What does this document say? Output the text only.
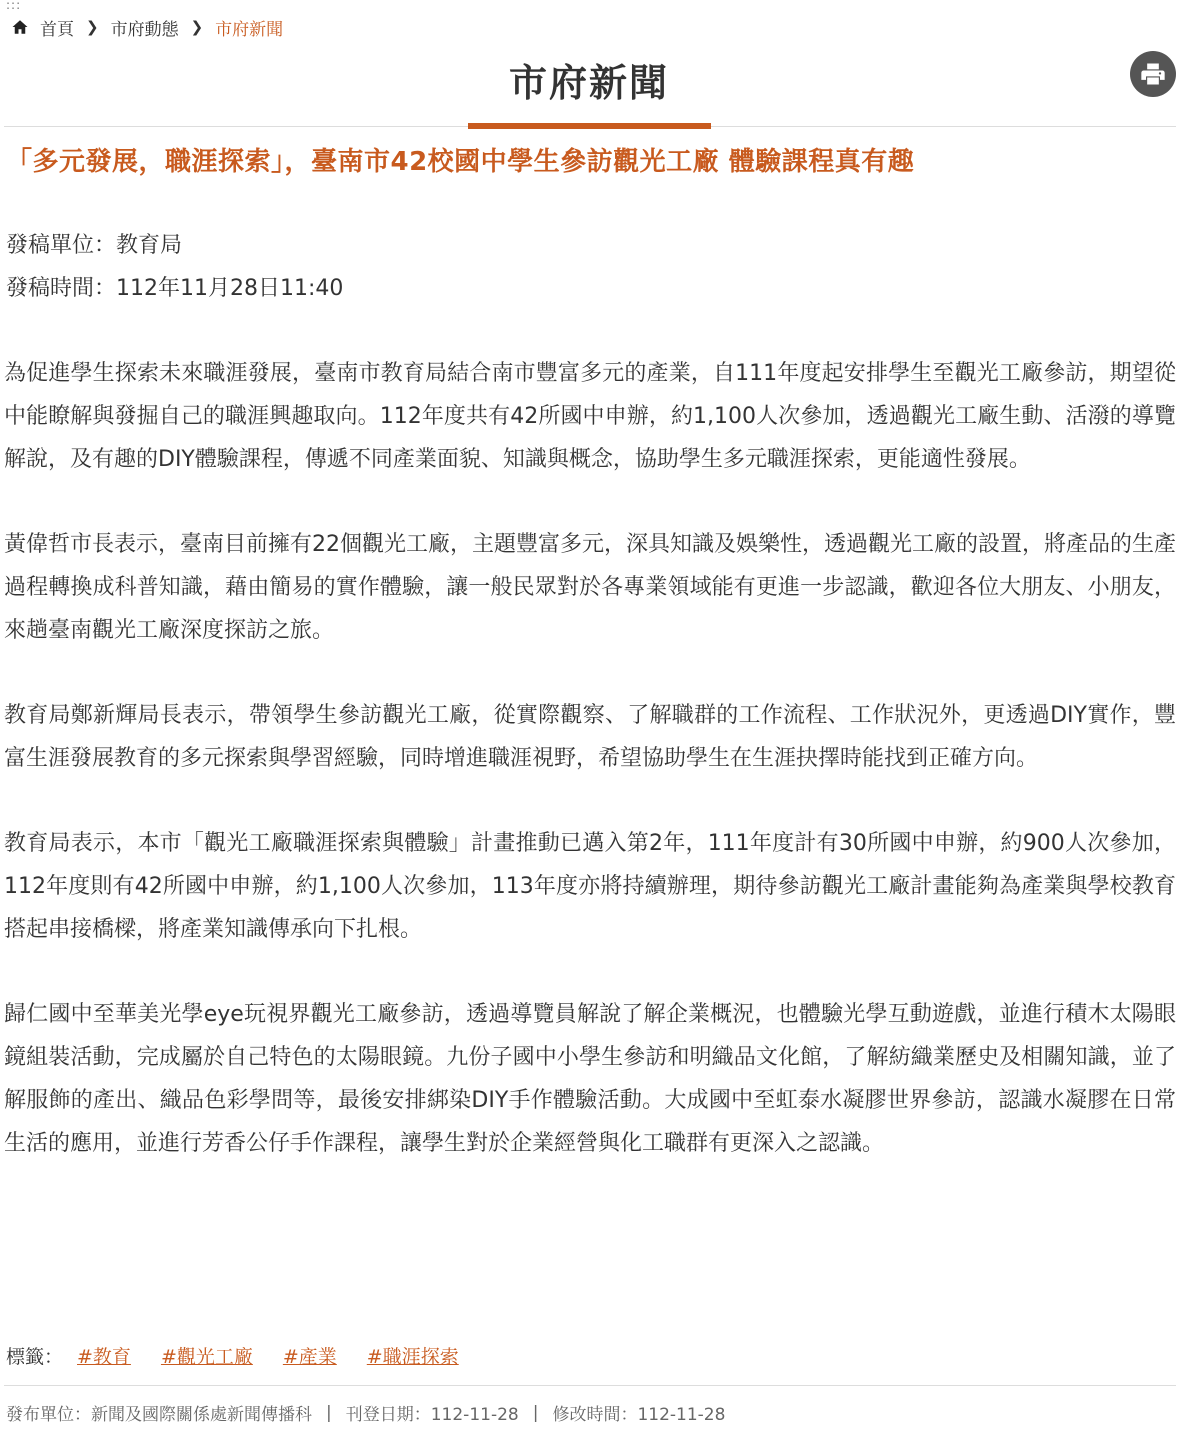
:::
首頁 ❯ 市府動態 ❯ 市府新聞
市府新聞
「多元發展，職涯探索」，臺南市42校國中學生參訪觀光工廠 體驗課程真有趣
發稿單位：教育局
發稿時間：112年11月28日11:40

為促進學生探索未來職涯發展，臺南市教育局結合南市豐富多元的產業，自111年度起安排學生至觀光工廠參訪，期望從中能瞭解與發掘自己的職涯興趣取向。112年度共有42所國中申辦，約1,100人次參加，透過觀光工廠生動、活潑的導覽解說，及有趣的DIY體驗課程，傳遞不同產業面貌、知識與概念，協助學生多元職涯探索，更能適性發展。

黃偉哲市長表示，臺南目前擁有22個觀光工廠，主題豐富多元，深具知識及娛樂性，透過觀光工廠的設置，將產品的生產過程轉換成科普知識，藉由簡易的實作體驗，讓一般民眾對於各專業領域能有更進一步認識，歡迎各位大朋友、小朋友，來趟臺南觀光工廠深度探訪之旅。

教育局鄭新輝局長表示，帶領學生參訪觀光工廠，從實際觀察、了解職群的工作流程、工作狀況外，更透過DIY實作，豐富生涯發展教育的多元探索與學習經驗，同時增進職涯視野，希望協助學生在生涯抉擇時能找到正確方向。

教育局表示，本市「觀光工廠職涯探索與體驗」計畫推動已邁入第2年，111年度計有30所國中申辦，約900人次參加，112年度則有42所國中申辦，約1,100人次參加，113年度亦將持續辦理，期待參訪觀光工廠計畫能夠為產業與學校教育搭起串接橋樑，將產業知識傳承向下扎根。

歸仁國中至華美光學eye玩視界觀光工廠參訪，透過導覽員解說了解企業概況，也體驗光學互動遊戲，並進行積木太陽眼鏡組裝活動，完成屬於自己特色的太陽眼鏡。九份子國中小學生參訪和明織品文化館，了解紡織業歷史及相關知識，並了解服飾的產出、織品色彩學問等，最後安排綁染DIY手作體驗活動。大成國中至虹泰水凝膠世界參訪，認識水凝膠在日常生活的應用，並進行芳香公仔手作課程，讓學生對於企業經營與化工職群有更深入之認識。

標籤： #教育 #觀光工廠 #產業 #職涯探索
發布單位：新聞及國際關係處新聞傳播科 | 刊登日期：112-11-28 | 修改時間：112-11-28
